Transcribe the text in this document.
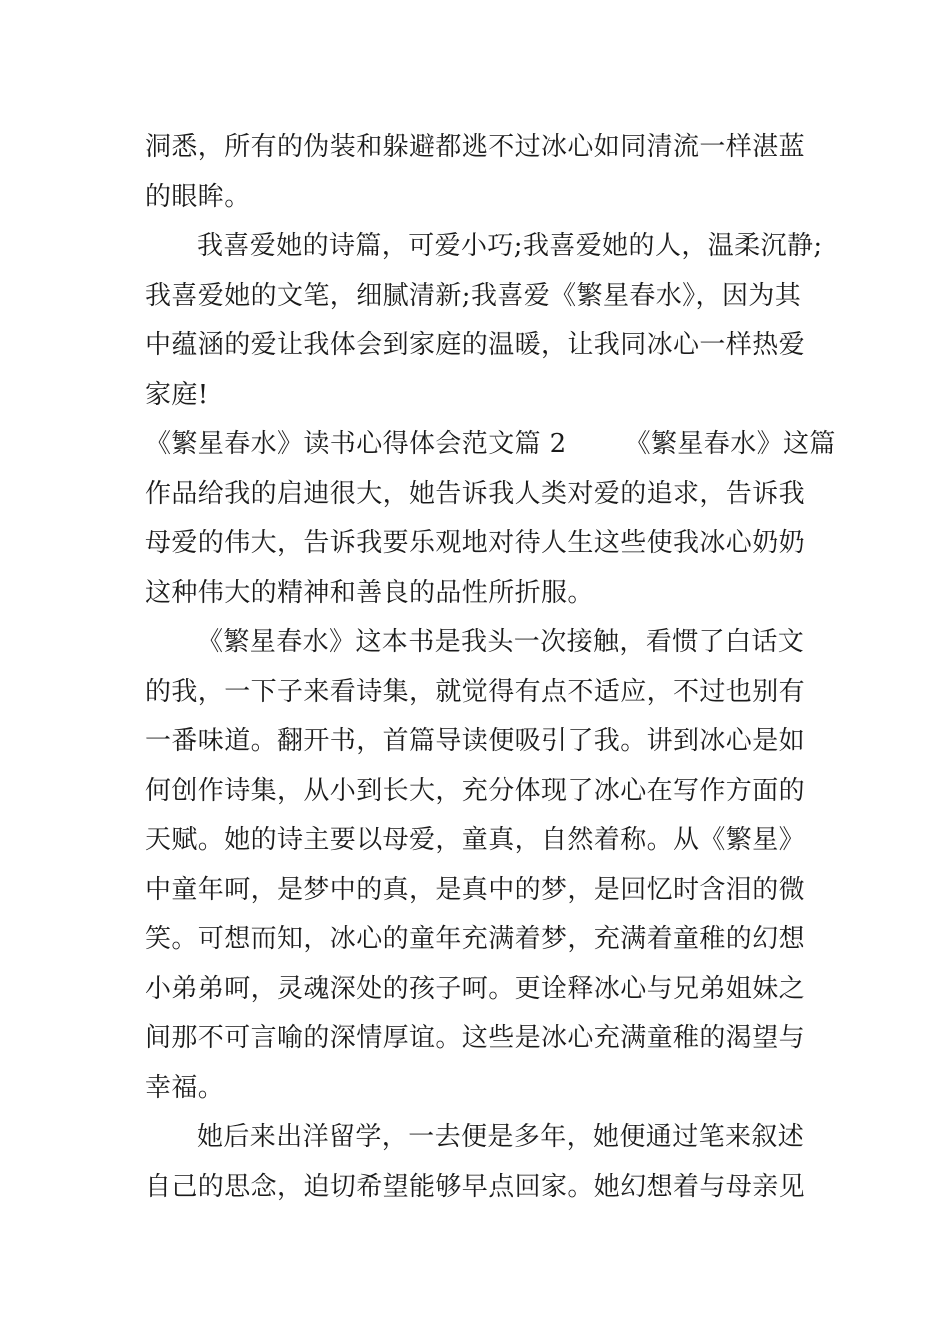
洞悉，所有的伪装和躲避都逃不过冰心如同清流一样湛蓝
的眼眸。
我喜爱她的诗篇，可爱小巧;我喜爱她的人，温柔沉静;
我喜爱她的文笔，细腻清新;我喜爱《繁星春水》，因为其
中蕴涵的爱让我体会到家庭的温暖，让我同冰心一样热爱
家庭!
《繁星春水》读书心得体会范文篇 2 《繁星春水》这篇
作品给我的启迪很大，她告诉我人类对爱的追求，告诉我
母爱的伟大，告诉我要乐观地对待人生这些使我冰心奶奶
这种伟大的精神和善良的品性所折服。
《繁星春水》这本书是我头一次接触，看惯了白话文
的我，一下子来看诗集，就觉得有点不适应，不过也别有
一番味道。翻开书，首篇导读便吸引了我。讲到冰心是如
何创作诗集，从小到长大，充分体现了冰心在写作方面的
天赋。她的诗主要以母爱，童真，自然着称。从《繁星》
中童年呵，是梦中的真，是真中的梦，是回忆时含泪的微
笑。可想而知，冰心的童年充满着梦，充满着童稚的幻想
小弟弟呵，灵魂深处的孩子呵。更诠释冰心与兄弟姐妹之
间那不可言喻的深情厚谊。这些是冰心充满童稚的渴望与
幸福。
她后来出洋留学，一去便是多年，她便通过笔来叙述
自己的思念，迫切希望能够早点回家。她幻想着与母亲见
